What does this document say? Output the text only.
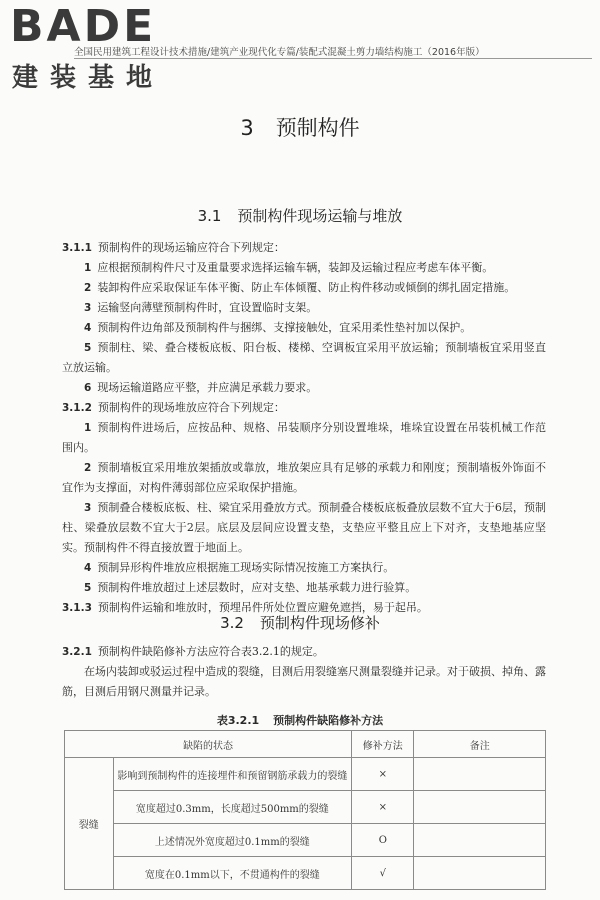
BADE
建装基地
全国民用建筑工程设计技术措施/建筑产业现代化专篇/装配式混凝土剪力墙结构施工（2016年版）
3 预制构件
3.1 预制构件现场运输与堆放

3.1.1 预制构件的现场运输应符合下列规定：

1 应根据预制构件尺寸及重量要求选择运输车辆，装卸及运输过程应考虑车体平衡。

2 装卸构件应采取保证车体平衡、防止车体倾覆、防止构件移动或倾倒的绑扎固定措施。

3 运输竖向薄壁预制构件时，宜设置临时支架。

4 预制构件边角部及预制构件与捆绑、支撑接触处，宜采用柔性垫衬加以保护。

5 预制柱、梁、叠合楼板底板、阳台板、楼梯、空调板宜采用平放运输；预制墙板宜采用竖直立放运输。

6 现场运输道路应平整，并应满足承载力要求。

3.1.2 预制构件的现场堆放应符合下列规定：

1 预制构件进场后，应按品种、规格、吊装顺序分别设置堆垛，堆垛宜设置在吊装机械工作范围内。

2 预制墙板宜采用堆放架插放或靠放，堆放架应具有足够的承载力和刚度；预制墙板外饰面不宜作为支撑面，对构件薄弱部位应采取保护措施。

3 预制叠合楼板底板、柱、梁宜采用叠放方式。预制叠合楼板底板叠放层数不宜大于6层，预制柱、梁叠放层数不宜大于2层。底层及层间应设置支垫，支垫应平整且应上下对齐，支垫地基应坚实。预制构件不得直接放置于地面上。

4 预制异形构件堆放应根据施工现场实际情况按施工方案执行。

5 预制构件堆放超过上述层数时，应对支垫、地基承载力进行验算。

3.1.3 预制构件运输和堆放时，预埋吊件所处位置应避免遮挡，易于起吊。

3.2 预制构件现场修补

3.2.1 预制构件缺陷修补方法应符合表3.2.1的规定。

在场内装卸或驳运过程中造成的裂缝，目测后用裂缝塞尺测量裂缝并记录。对于破损、掉角、露筋，目测后用钢尺测量并记录。

表3.2.1 预制构件缺陷修补方法
缺陷的状态		修补方法	备注
裂缝	影响到预制构件的连接埋件和预留钢筋承载力的裂缝	×	
	宽度超过0.3mm，长度超过500mm的裂缝	×	
	上述情况外宽度超过0.1mm的裂缝	O	
	宽度在0.1mm以下，不贯通构件的裂缝	√	
